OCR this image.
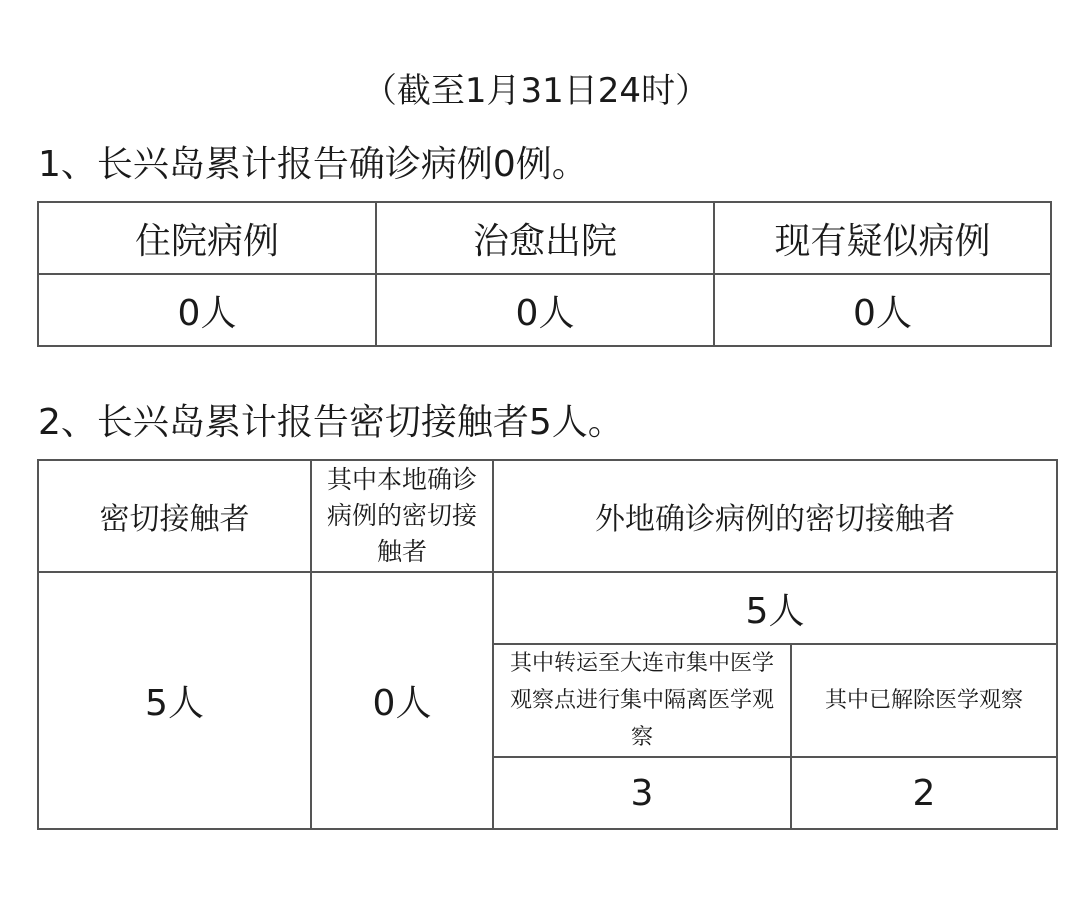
（截至1月31日24时）
1、长兴岛累计报告确诊病例0例。
住院病例	治愈出院	现有疑似病例
0人	0人	0人
2、长兴岛累计报告密切接触者5人。
密切接触者	其中本地确诊病例的密切接触者	外地确诊病例的密切接触者	
5人	0人	5人	

		其中转运至大连市集中医学观察点进行集中隔离医学观察	其中已解除医学观察
		3	2
